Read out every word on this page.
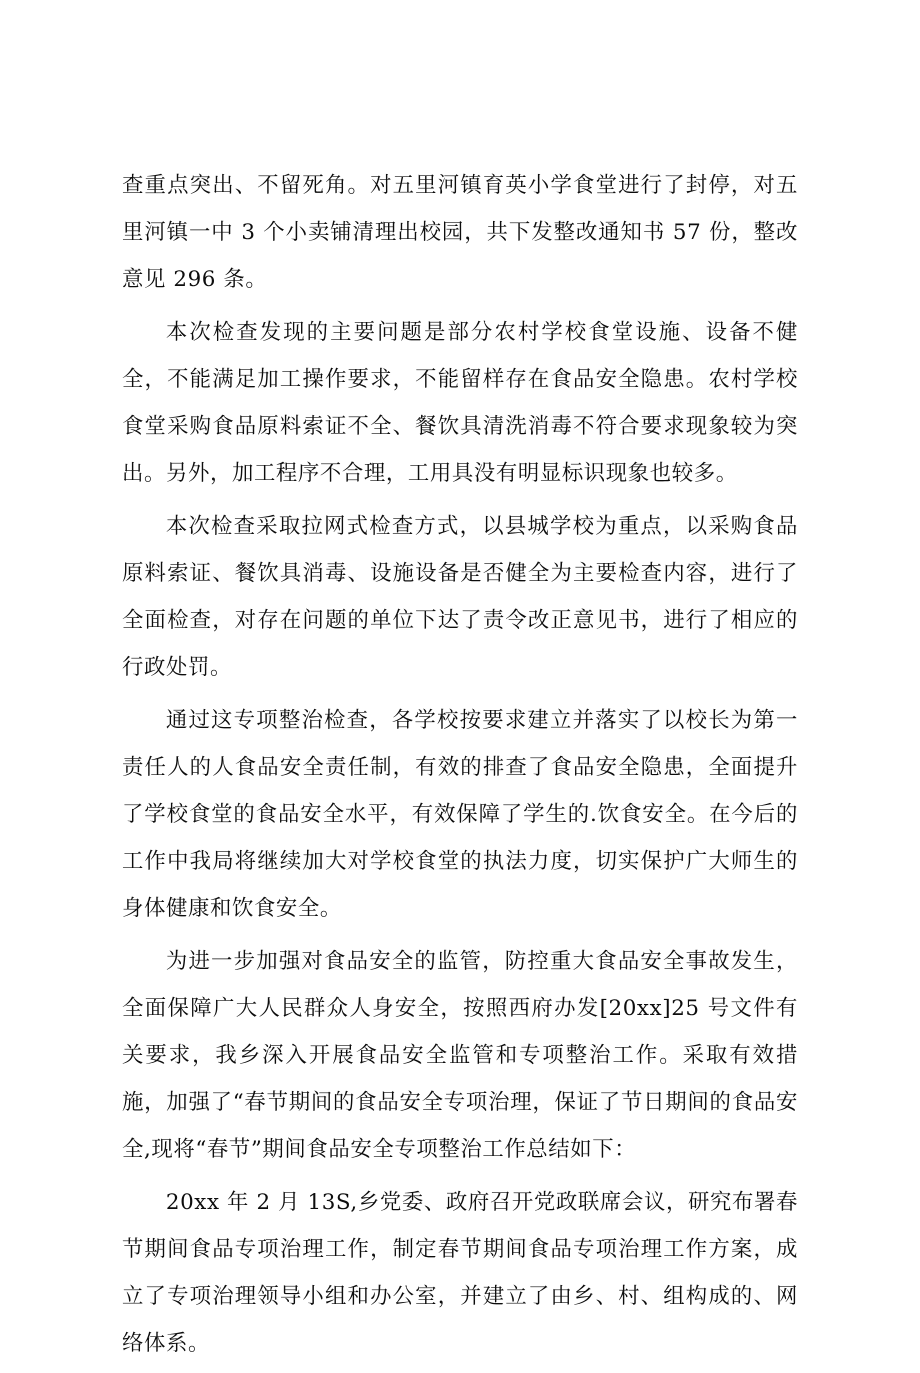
查重点突出、不留死角。对五里河镇育英小学食堂进行了封停，对五里河镇一中 3 个小卖铺清理出校园，共下发整改通知书 57 份，整改意见 296 条。

本次检查发现的主要问题是部分农村学校食堂设施、设备不健全，不能满足加工操作要求，不能留样存在食品安全隐患。农村学校食堂采购食品原料索证不全、餐饮具清洗消毒不符合要求现象较为突出。另外，加工程序不合理，工用具没有明显标识现象也较多。

本次检查采取拉网式检查方式，以县城学校为重点，以采购食品原料索证、餐饮具消毒、设施设备是否健全为主要检查内容，进行了全面检查，对存在问题的单位下达了责令改正意见书，进行了相应的行政处罚。

通过这专项整治检查，各学校按要求建立并落实了以校长为第一责任人的人食品安全责任制，有效的排查了食品安全隐患，全面提升了学校食堂的食品安全水平，有效保障了学生的.饮食安全。在今后的工作中我局将继续加大对学校食堂的执法力度，切实保护广大师生的身体健康和饮食安全。

为进一步加强对食品安全的监管，防控重大食品安全事故发生，全面保障广大人民群众人身安全，按照西府办发[20xx]25 号文件有关要求，我乡深入开展食品安全监管和专项整治工作。采取有效措施，加强了“春节期间的食品安全专项治理，保证了节日期间的食品安全,现将“春节”期间食品安全专项整治工作总结如下：

20xx 年 2 月 13S,乡党委、政府召开党政联席会议，研究布署春节期间食品专项治理工作，制定春节期间食品专项治理工作方案，成立了专项治理领导小组和办公室，并建立了由乡、村、组构成的、网络体系。
